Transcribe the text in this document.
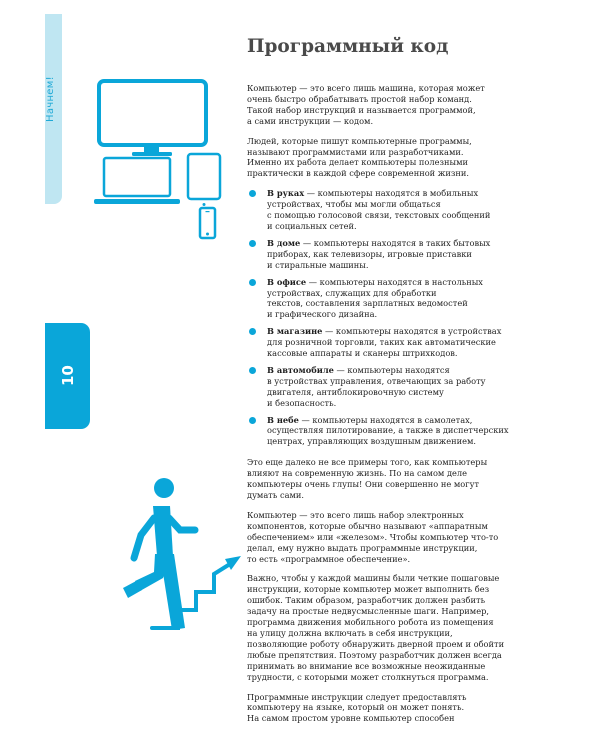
Начнем!
10
Программный код

Компьютер — это всего лишь машина, которая может
очень быстро обрабатывать простой набор команд.
Такой набор инструкций и называется программой,
а сами инструкции — кодом.

Людей, которые пишут компьютерные программы,
называют программистами или разработчиками.
Именно их работа делает компьютеры полезными
практически в каждой сфере современной жизни.

В руках — компьютеры находятся в мобильных
устройствах, чтобы мы могли общаться
с помощью голосовой связи, текстовых сообщений
и социальных сетей.
В доме — компьютеры находятся в таких бытовых
приборах, как телевизоры, игровые приставки
и стиральные машины.
В офисе — компьютеры находятся в настольных
устройствах, служащих для обработки
текстов, составления зарплатных ведомостей
и графического дизайна.
В магазине — компьютеры находятся в устройствах
для розничной торговли, таких как автоматические
кассовые аппараты и сканеры штрихкодов.
В автомобиле — компьютеры находятся
в устройствах управления, отвечающих за работу
двигателя, антиблокировочную систему
и безопасность.
В небе — компьютеры находятся в самолетах,
осуществляя пилотирование, а также в диспетчерских
центрах, управляющих воздушным движением.

Это еще далеко не все примеры того, как компьютеры
влияют на современную жизнь. По на самом деле
компьютеры очень глупы! Они совершенно не могут
думать сами.

Компьютер — это всего лишь набор электронных
компонентов, которые обычно называют «аппаратным
обеспечением» или «железом». Чтобы компьютер что-то
делал, ему нужно выдать программные инструкции,
то есть «программное обеспечение».

Важно, чтобы у каждой машины были четкие пошаговые
инструкции, которые компьютер может выполнить без
ошибок. Таким образом, разработчик должен разбить
задачу на простые недвусмысленные шаги. Например,
программа движения мобильного робота из помещения
на улицу должна включать в себя инструкции,
позволяющие роботу обнаружить дверной проем и обойти
любые препятствия. Поэтому разработчик должен всегда
принимать во внимание все возможные неожиданные
трудности, с которыми может столкнуться программа.

Программные инструкции следует предоставлять
компьютеру на языке, который он может понять.
На самом простом уровне компьютер способен
